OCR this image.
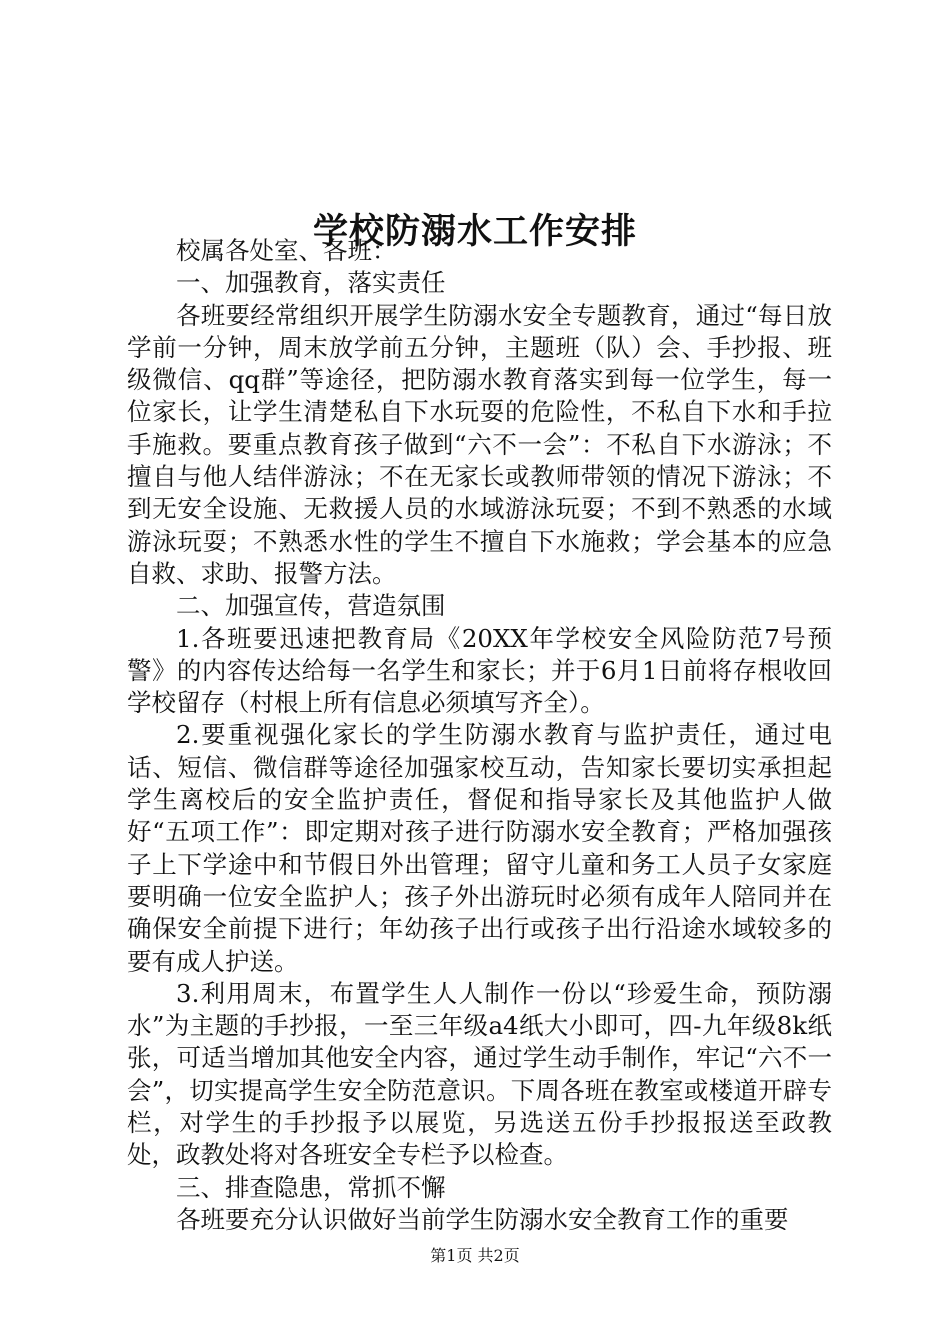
学校防溺水工作安排

校属各处室、各班：

一、加强教育，落实责任

各班要经常组织开展学生防溺水安全专题教育，通过“每日放学前一分钟，周末放学前五分钟，主题班（队）会、手抄报、班级微信、qq群”等途径，把防溺水教育落实到每一位学生，每一位家长，让学生清楚私自下水玩耍的危险性，不私自下水和手拉手施救。要重点教育孩子做到“六不一会”：不私自下水游泳；不擅自与他人结伴游泳；不在无家长或教师带领的情况下游泳；不到无安全设施、无救援人员的水域游泳玩耍；不到不熟悉的水域游泳玩耍；不熟悉水性的学生不擅自下水施救；学会基本的应急自救、求助、报警方法。

二、加强宣传，营造氛围

1.各班要迅速把教育局《20XX年学校安全风险防范7号预警》的内容传达给每一名学生和家长；并于6月1日前将存根收回学校留存（村根上所有信息必须填写齐全）。

2.要重视强化家长的学生防溺水教育与监护责任，通过电话、短信、微信群等途径加强家校互动，告知家长要切实承担起学生离校后的安全监护责任，督促和指导家长及其他监护人做好“五项工作”：即定期对孩子进行防溺水安全教育；严格加强孩子上下学途中和节假日外出管理；留守儿童和务工人员子女家庭要明确一位安全监护人；孩子外出游玩时必须有成年人陪同并在确保安全前提下进行；年幼孩子出行或孩子出行沿途水域较多的要有成人护送。

3.利用周末，布置学生人人制作一份以“珍爱生命，预防溺水”为主题的手抄报，一至三年级a4纸大小即可，四-九年级8k纸张，可适当增加其他安全内容，通过学生动手制作，牢记“六不一会”，切实提高学生安全防范意识。下周各班在教室或楼道开辟专栏，对学生的手抄报予以展览，另选送五份手抄报报送至政教处，政教处将对各班安全专栏予以检查。

三、排查隐患，常抓不懈

各班要充分认识做好当前学生防溺水安全教育工作的重要

第1页 共2页
